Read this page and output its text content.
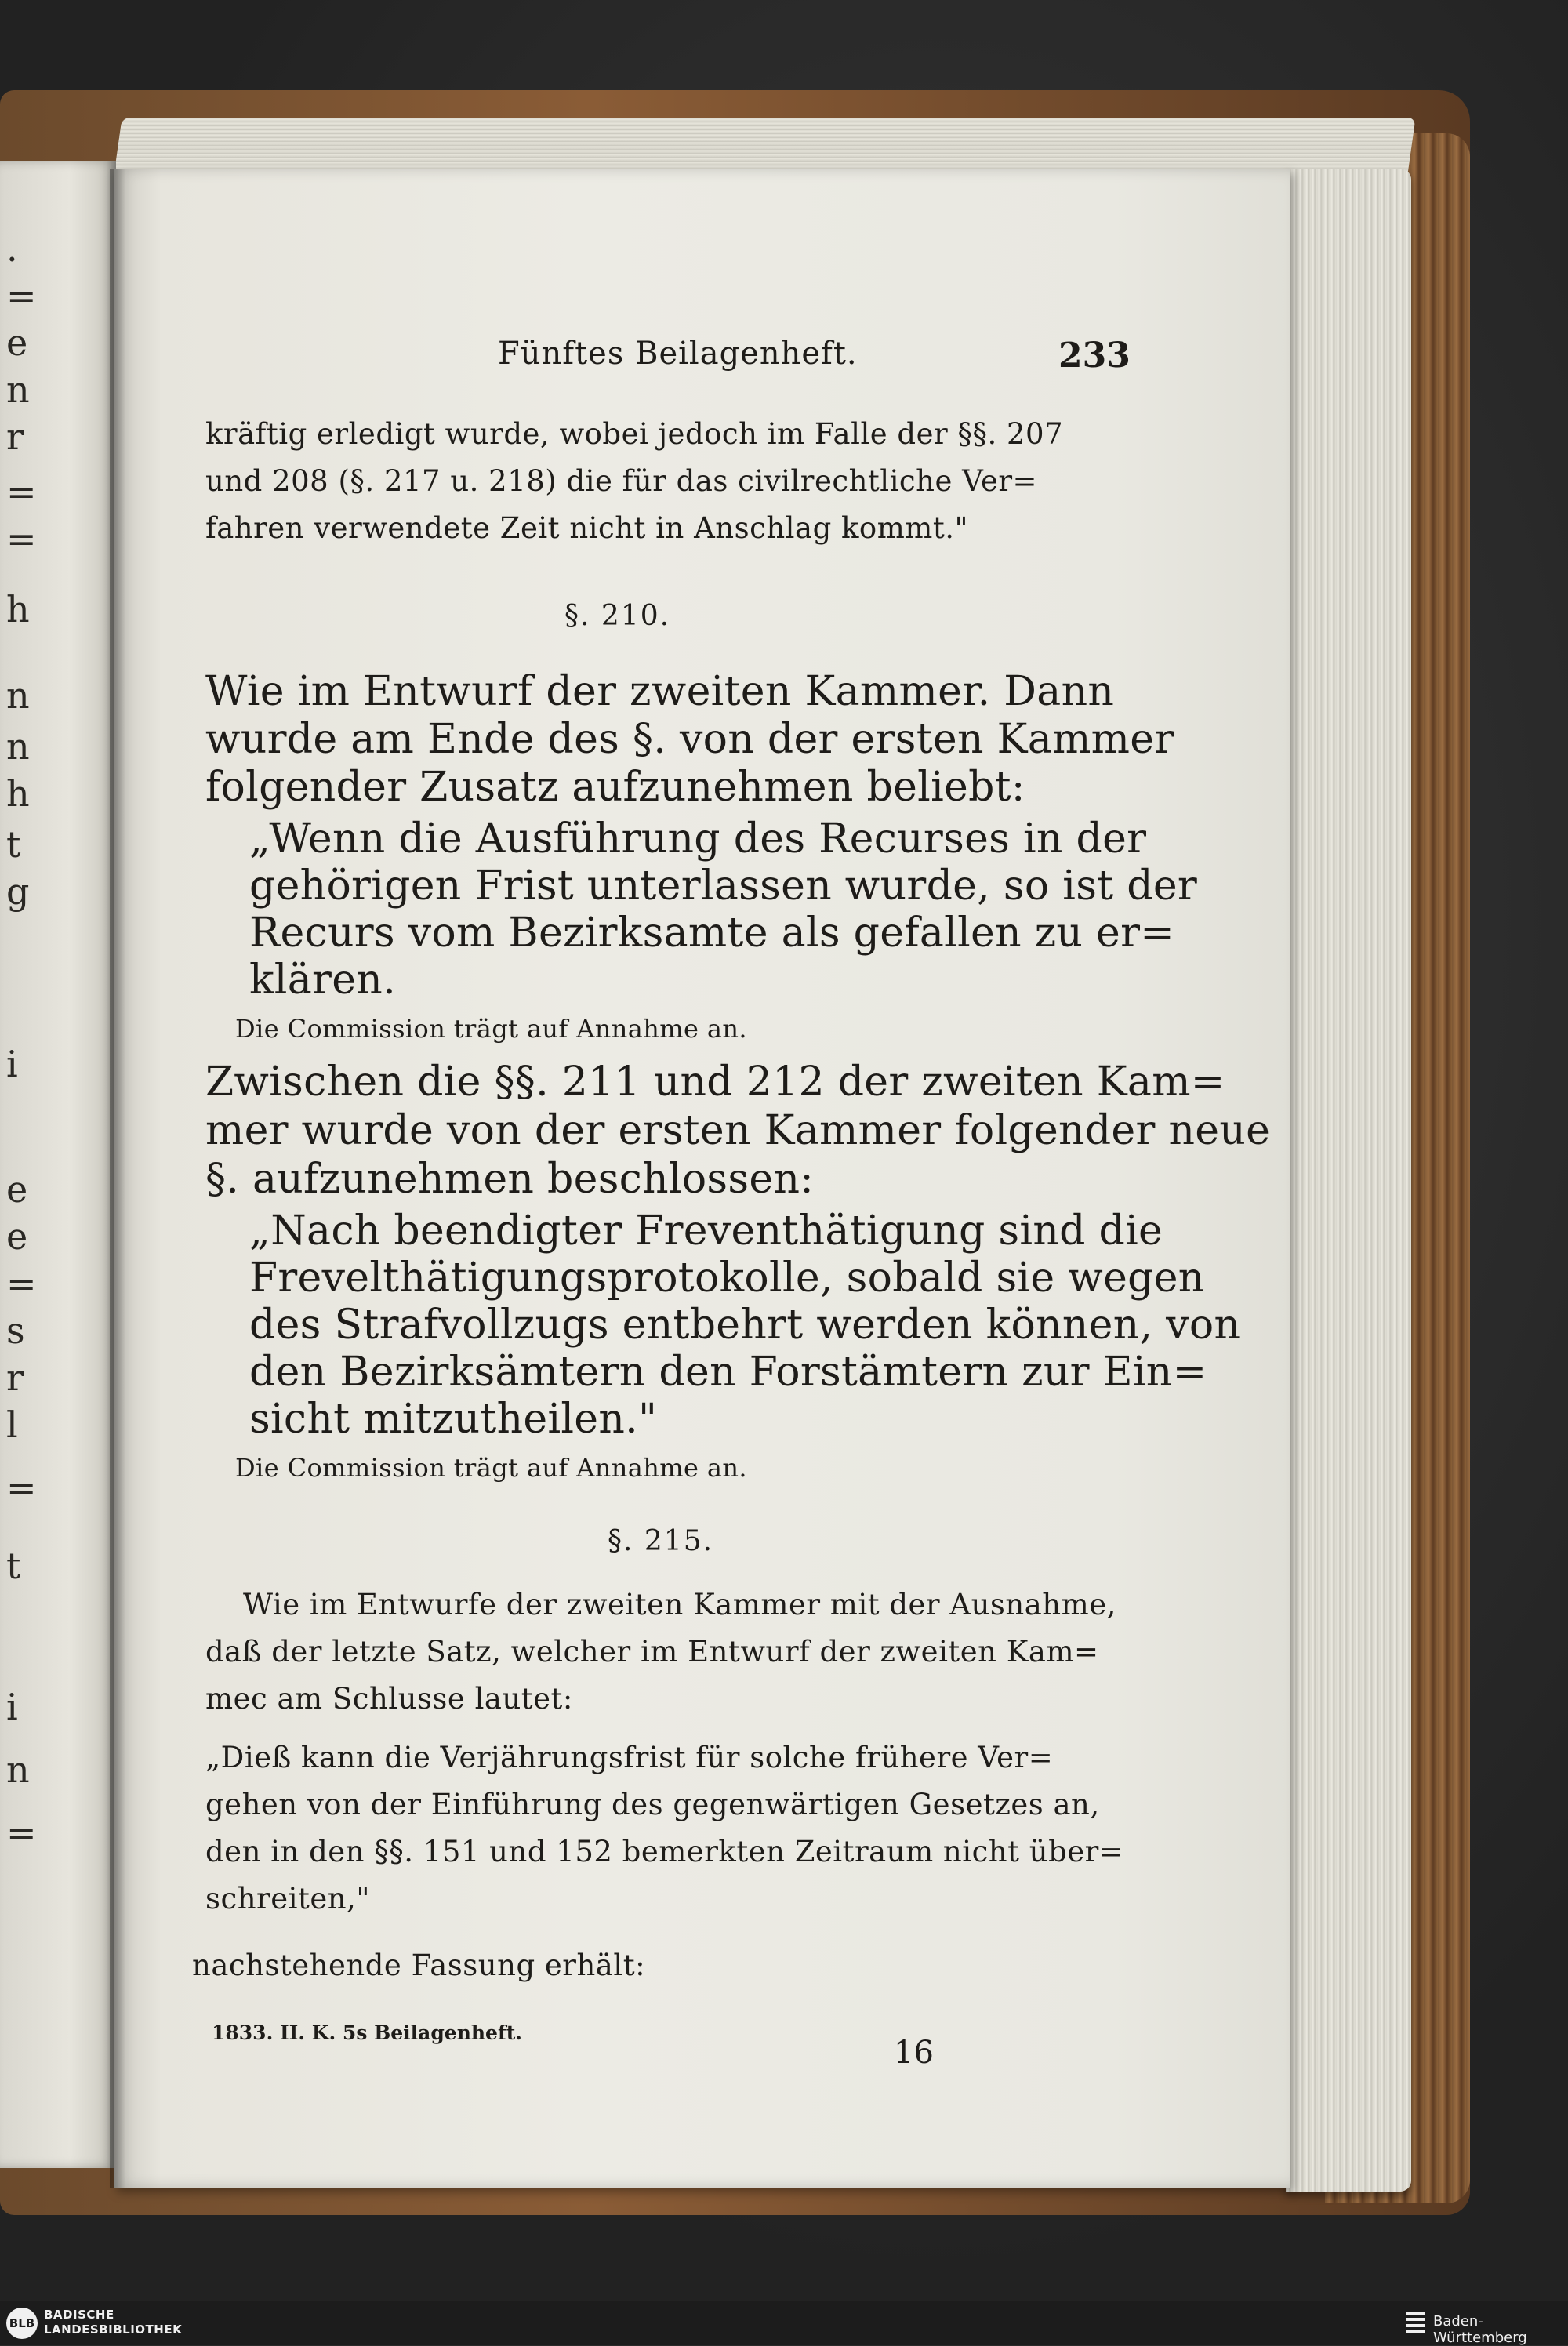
.
=
e
n
r
=
=
h
n
n
h
t
g
i
e
e
=
s
r
l
=
t
i
n
=
Fünftes Beilagenheft.	233
kräftig erledigt wurde, wobei jedoch im Falle der §§. 207
und 208 (§. 217 u. 218) die für das civilrechtliche Ver=
fahren verwendete Zeit nicht in Anschlag kommt."
§. 210.
Wie im Entwurf der zweiten Kammer. Dann
wurde am Ende des §. von der ersten Kammer
folgender Zusatz aufzunehmen beliebt:
„Wenn die Ausführung des Recurses in der
gehörigen Frist unterlassen wurde, so ist der
Recurs vom Bezirksamte als gefallen zu er=
klären.
Die Commission trägt auf Annahme an.
Zwischen die §§. 211 und 212 der zweiten Kam=
mer wurde von der ersten Kammer folgender neue
§. aufzunehmen beschlossen:
„Nach beendigter Freventhätigung sind die
Frevelthätigungsprotokolle, sobald sie wegen
des Strafvollzugs entbehrt werden können, von
den Bezirksämtern den Forstämtern zur Ein=
sicht mitzutheilen."
Die Commission trägt auf Annahme an.
§. 215.
Wie im Entwurfe der zweiten Kammer mit der Ausnahme,
daß der letzte Satz, welcher im Entwurf der zweiten Kam=
mec am Schlusse lautet:
„Dieß kann die Verjährungsfrist für solche frühere Ver=
gehen von der Einführung des gegenwärtigen Gesetzes an,
den in den §§. 151 und 152 bemerkten Zeitraum nicht über=
schreiten,"
nachstehende Fassung erhält:
1833. II. K. 5s Beilagenheft.
16
BLB
BADISCHE
LANDESBIBLIOTHEK	Baden-Württemberg
